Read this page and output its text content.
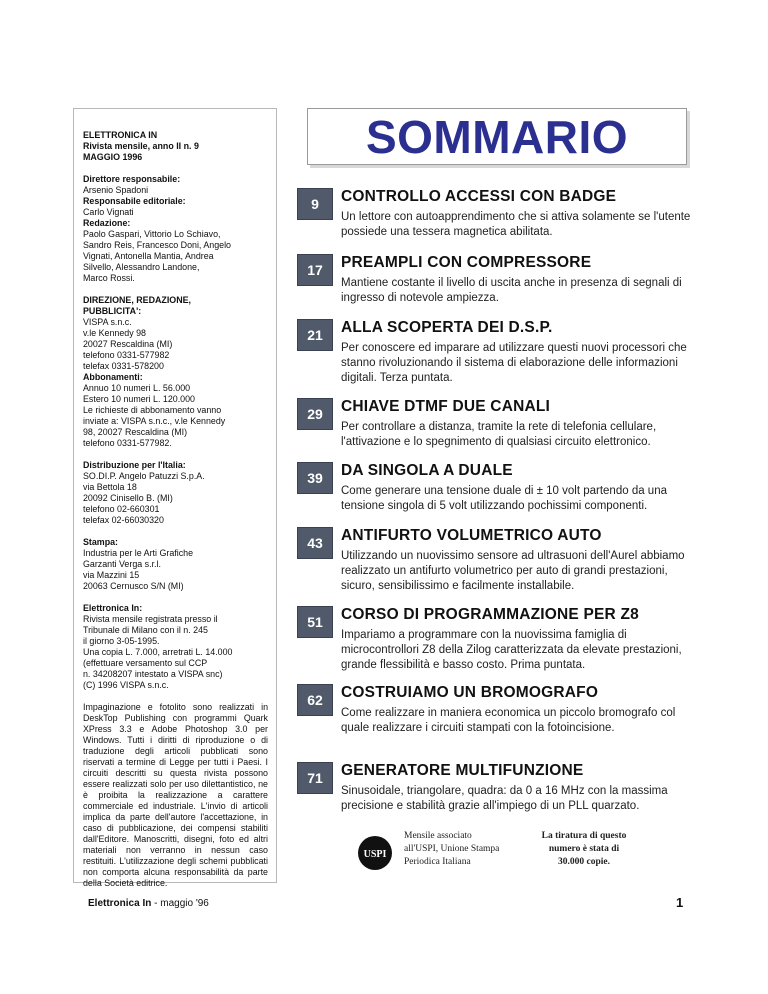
ELETTRONICA IN

Rivista mensile, anno II n. 9

MAGGIO 1996

Direttore responsabile:

Arsenio Spadoni

Responsabile editoriale:

Carlo Vignati

Redazione:

Paolo Gaspari, Vittorio Lo Schiavo,

Sandro Reis, Francesco Doni, Angelo

Vignati, Antonella Mantia, Andrea

Silvello, Alessandro Landone,

Marco Rossi.

DIREZIONE, REDAZIONE,

PUBBLICITA':

VISPA s.n.c.

v.le Kennedy 98

20027 Rescaldina (MI)

telefono 0331-577982

telefax 0331-578200

Abbonamenti:

Annuo 10 numeri L. 56.000

Estero 10 numeri L. 120.000

Le richieste di abbonamento vanno

inviate a: VISPA s.n.c., v.le Kennedy

98, 20027 Rescaldina (MI)

telefono 0331-577982.

Distribuzione per l'Italia:

SO.DI.P. Angelo Patuzzi S.p.A.

via Bettola 18

20092 Cinisello B. (MI)

telefono 02-660301

telefax 02-66030320

Stampa:

Industria per le Arti Grafiche

Garzanti Verga s.r.l.

via Mazzini 15

20063 Cernusco S/N (MI)

Elettronica In:

Rivista mensile registrata presso il

Tribunale di Milano con il n. 245

il giorno 3-05-1995.

Una copia L. 7.000, arretrati L. 14.000

(effettuare versamento sul CCP

n. 34208207 intestato a VISPA snc)

(C) 1996 VISPA s.n.c.

Impaginazione e fotolito sono realizzati in DeskTop Publishing con programmi Quark XPress 3.3 e Adobe Photoshop 3.0 per Windows. Tutti i diritti di riproduzione o di traduzione degli articoli pubblicati sono riservati a termine di Legge per tutti i Paesi. I circuiti descritti su questa rivista possono essere realizzati solo per uso dilettantistico, ne è proibita la realizzazione a carattere commerciale ed industriale. L'invio di articoli implica da parte dell'autore l'accettazione, in caso di pubblicazione, dei compensi stabiliti dall'Editore. Manoscritti, disegni, foto ed altri materiali non verranno in nessun caso restituiti. L'utilizzazione degli schemi pubblicati non comporta alcuna responsabilità da parte della Società editrice.

SOMMARIO
9	CONTROLLO ACCESSI CON BADGE

Un lettore con autoapprendimento che si attiva solamente se l'utente possiede una tessera magnetica abilitata.

17	PREAMPLI CON COMPRESSORE

Mantiene costante il livello di uscita anche in presenza di segnali di ingresso di notevole ampiezza.

21	ALLA SCOPERTA DEI D.S.P.

Per conoscere ed imparare ad utilizzare questi nuovi processori che stanno rivoluzionando il sistema di elaborazione delle informazioni digitali. Terza puntata.

29	CHIAVE DTMF DUE CANALI

Per controllare a distanza, tramite la rete di telefonia cellulare, l'attivazione e lo spegnimento di qualsiasi circuito elettronico.

39	DA SINGOLA A DUALE

Come generare una tensione duale di ± 10 volt partendo da una tensione singola di 5 volt utilizzando pochissimi componenti.

43	ANTIFURTO VOLUMETRICO AUTO

Utilizzando un nuovissimo sensore ad ultrasuoni dell'Aurel abbiamo realizzato un antifurto volumetrico per auto di grandi prestazioni, sicuro, sensibilissimo e facilmente installabile.

51	CORSO DI PROGRAMMAZIONE PER Z8

Impariamo a programmare con la nuovissima famiglia di microcontrollori Z8 della Zilog caratterizzata da elevate prestazioni, grande flessibilità e basso costo. Prima puntata.

62	COSTRUIAMO UN BROMOGRAFO

Come realizzare in maniera economica un piccolo bromografo col quale realizzare i circuiti stampati con la fotoincisione.

71	GENERATORE MULTIFUNZIONE

Sinusoidale, triangolare, quadra: da 0 a 16 MHz con la massima precisione e stabilità grazie all'impiego di un PLL quarzato.

USPI
Mensile associato
all'USPI, Unione Stampa
Periodica Italiana
La tiratura di questo
numero è stata di
30.000 copie.
Elettronica In - maggio '96	1
